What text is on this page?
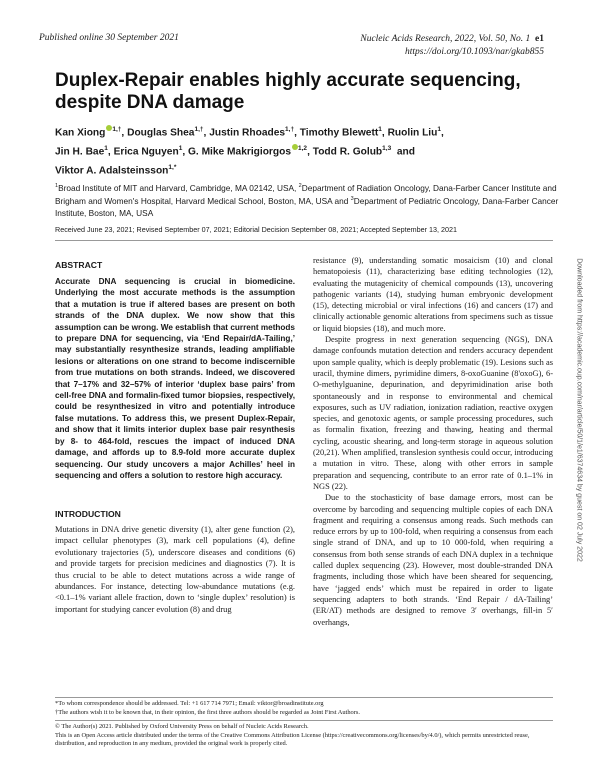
Published online 30 September 2021	Nucleic Acids Research, 2022, Vol. 50, No. 1 e1
https://doi.org/10.1093/nar/gkab855
Duplex-Repair enables highly accurate sequencing, despite DNA damage
Kan Xiong $^{1,\dagger}$, Douglas Shea$^{1,\dagger}$, Justin Rhoades$^{1,\dagger}$, Timothy Blewett$^1$, Ruolin Liu$^1$,
Jin H. Bae$^1$, Erica Nguyen$^1$, G. Mike Makrigiorgos $^{1,2}$, Todd R. Golub$^{1,3}$ and
Viktor A. Adalsteinsson$^{1,*}$
$^1$Broad Institute of MIT and Harvard, Cambridge, MA 02142, USA, $^2$Department of Radiation Oncology, Dana-Farber Cancer Institute and Brigham and Women's Hospital, Harvard Medical School, Boston, MA, USA and $^3$Department of Pediatric Oncology, Dana-Farber Cancer Institute, Boston, MA, USA
Received June 23, 2021; Revised September 07, 2021; Editorial Decision September 08, 2021; Accepted September 13, 2021
ABSTRACT
Accurate DNA sequencing is crucial in biomedicine. Underlying the most accurate methods is the assumption that a mutation is true if altered bases are present on both strands of the DNA duplex. We now show that this assumption can be wrong. We establish that current methods to prepare DNA for sequencing, via ‘End Repair/dA-Tailing,’ may substantially resynthesize strands, leading amplifiable lesions or alterations on one strand to become indiscernible from true mutations on both strands. Indeed, we discovered that 7–17% and 32–57% of interior ‘duplex base pairs’ from cell-free DNA and formalin-fixed tumor biopsies, respectively, could be resynthesized in vitro and potentially introduce false mutations. To address this, we present Duplex-Repair, and show that it limits interior duplex base pair resynthesis by 8- to 464-fold, rescues the impact of induced DNA damage, and affords up to 8.9-fold more accurate duplex sequencing. Our study uncovers a major Achilles’ heel in sequencing and offers a solution to restore high accuracy.
INTRODUCTION

Mutations in DNA drive genetic diversity (1), alter gene function (2), impact cellular phenotypes (3), mark cell populations (4), define evolutionary trajectories (5), underscore diseases and conditions (6) and provide targets for precision medicines and diagnostics (7). It is thus crucial to be able to detect mutations across a wide range of abundances. For instance, detecting low-abundance mutations (e.g. <0.1–1% variant allele fraction, down to ‘single duplex’ resolution) is important for studying cancer evolution (8) and drug

resistance (9), understanding somatic mosaicism (10) and clonal hematopoiesis (11), characterizing base editing technologies (12), evaluating the mutagenicity of chemical compounds (13), uncovering pathogenic variants (14), studying human embryonic development (15), detecting microbial or viral infections (16) and cancers (17) and clinically actionable genomic alterations from specimens such as tissue or liquid biopsies (18), and much more.

Despite progress in next generation sequencing (NGS), DNA damage confounds mutation detection and renders accuracy dependent upon sample quality, which is deeply problematic (19). Lesions such as uracil, thymine dimers, pyrimidine dimers, 8-oxoGuanine (8'oxoG), 6-O-methylguanine, depurination, and depyrimidination arise both spontaneously and in response to environmental and chemical exposures, such as UV radiation, ionization radiation, reactive oxygen species, and genotoxic agents, or sample processing procedures, such as formalin fixation, freezing and thawing, heating and thermal cycling, acoustic shearing, and long-term storage in aqueous solution (20,21). When amplified, translesion synthesis could occur, introducing a mutation in vitro. These, along with other errors in sample preparation and sequencing, contribute to an error rate of 0.1–1% in NGS (22).

Due to the stochasticity of base damage errors, most can be overcome by barcoding and sequencing multiple copies of each DNA fragment and requiring a consensus among reads. Such methods can reduce errors by up to 100-fold, when requiring a consensus from each single strand of DNA, and up to 10 000-fold, when requiring a consensus from both sense strands of each DNA duplex in a technique called duplex sequencing (23). However, most double-stranded DNA fragments, including those which have been sheared for sequencing, have ‘jagged ends’ which must be repaired in order to ligate sequencing adapters to both strands. ‘End Repair / dA-Tailing’ (ER/AT) methods are designed to remove 3′ overhangs, fill-in 5′ overhangs,

*To whom correspondence should be addressed. Tel: +1 617 714 7971; Email: viktor@broadinstitute.org
†The authors wish it to be known that, in their opinion, the first three authors should be regarded as Joint First Authors.
© The Author(s) 2021. Published by Oxford University Press on behalf of Nucleic Acids Research.
This is an Open Access article distributed under the terms of the Creative Commons Attribution License (https://creativecommons.org/licenses/by/4.0/), which permits unrestricted reuse, distribution, and reproduction in any medium, provided the original work is properly cited.
Downloaded from https://academic.oup.com/nar/article/50/1/e1/6374634 by guest on 02 July 2022
